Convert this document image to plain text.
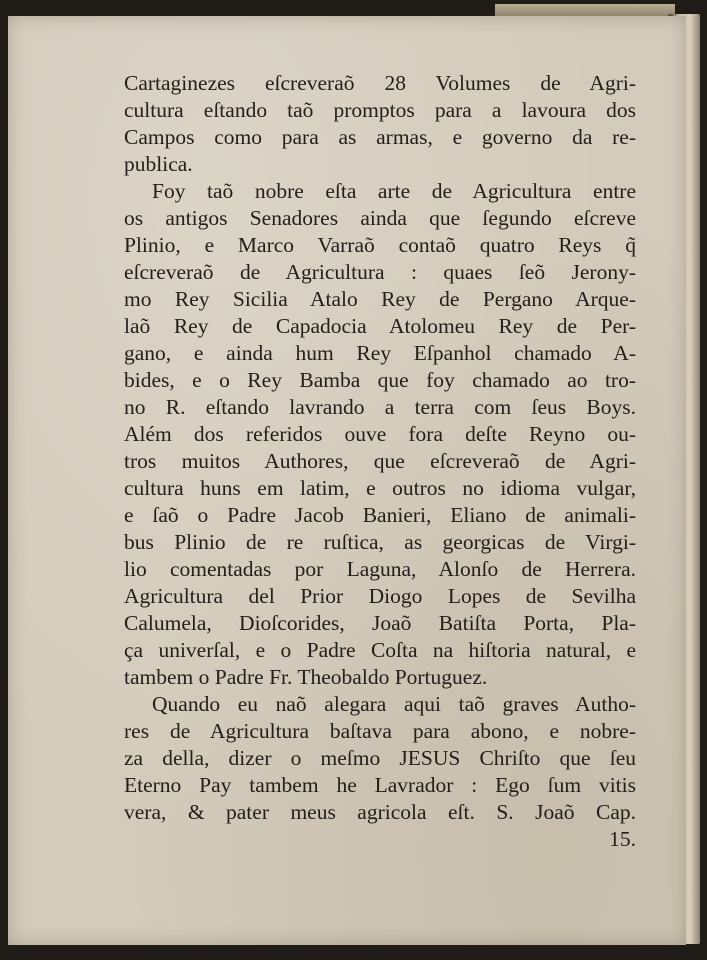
Cartaginezes eſcreveraõ 28 Volumes de Agri-
cultura eſtando taõ promptos para a lavoura dos
Campos como para as armas, e governo da re-
publica.
Foy taõ nobre eſta arte de Agricultura entre
os antigos Senadores ainda que ſegundo eſcreve
Plinio, e Marco Varraõ contaõ quatro Reys q̃
eſcreveraõ de Agricultura : quaes ſeõ Jerony-
mo Rey Sicilia Atalo Rey de Pergano Arque-
laõ Rey de Capadocia Atolomeu Rey de Per-
gano, e ainda hum Rey Eſpanhol chamado A-
bides, e o Rey Bamba que foy chamado ao tro-
no R. eſtando lavrando a terra com ſeus Boys.
Além dos referidos ouve fora deſte Reyno ou-
tros muitos Authores, que eſcreveraõ de Agri-
cultura huns em latim, e outros no idioma vulgar,
e ſaõ o Padre Jacob Banieri, Eliano de animali-
bus Plinio de re ruſtica, as georgicas de Virgi-
lio comentadas por Laguna, Alonſo de Herrera.
Agricultura del Prior Diogo Lopes de Sevilha
Calumela, Dioſcorides, Joaõ Batiſta Porta, Pla-
ça univerſal, e o Padre Coſta na hiſtoria natural, e
tambem o Padre Fr. Theobaldo Portuguez.
Quando eu naõ alegara aqui taõ graves Autho-
res de Agricultura baſtava para abono, e nobre-
za della, dizer o meſmo JESUS Chriſto que ſeu
Eterno Pay tambem he Lavrador : Ego ſum vitis
vera, & pater meus agricola eſt. S. Joaõ Cap.
15.
